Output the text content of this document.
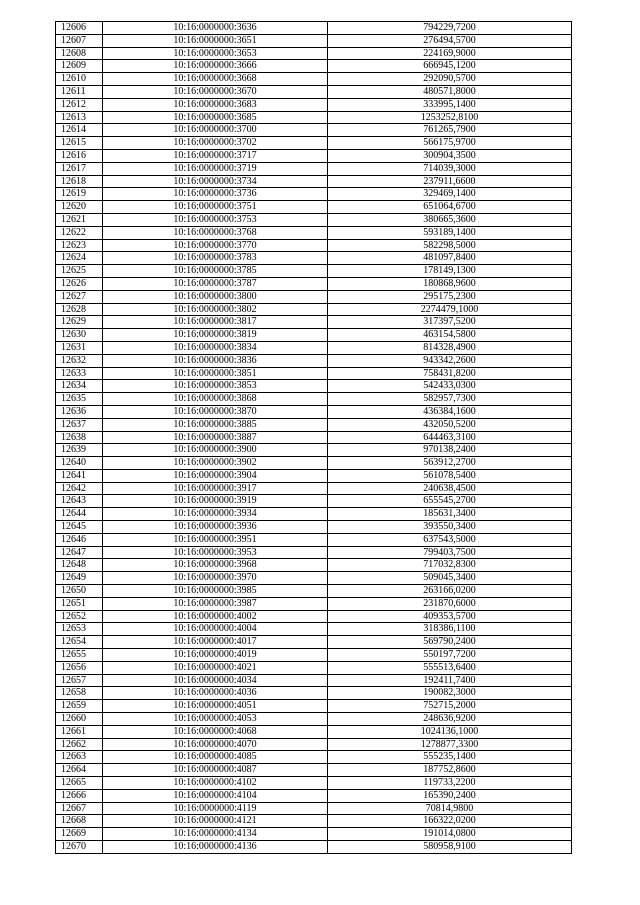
12606	10:16:0000000:3636	794229,7200
12607	10:16:0000000:3651	276494,5700
12608	10:16:0000000:3653	224169,9000
12609	10:16:0000000:3666	666945,1200
12610	10:16:0000000:3668	292090,5700
12611	10:16:0000000:3670	480571,8000
12612	10:16:0000000:3683	333995,1400
12613	10:16:0000000:3685	1253252,8100
12614	10:16:0000000:3700	761265,7900
12615	10:16:0000000:3702	566175,9700
12616	10:16:0000000:3717	300904,3500
12617	10:16:0000000:3719	714039,3000
12618	10:16:0000000:3734	237911,6600
12619	10:16:0000000:3736	329469,1400
12620	10:16:0000000:3751	651064,6700
12621	10:16:0000000:3753	380665,3600
12622	10:16:0000000:3768	593189,1400
12623	10:16:0000000:3770	582298,5000
12624	10:16:0000000:3783	481097,8400
12625	10:16:0000000:3785	178149,1300
12626	10:16:0000000:3787	180868,9600
12627	10:16:0000000:3800	295175,2300
12628	10:16:0000000:3802	2274479,1000
12629	10:16:0000000:3817	317397,5200
12630	10:16:0000000:3819	463154,5800
12631	10:16:0000000:3834	814328,4900
12632	10:16:0000000:3836	943342,2600
12633	10:16:0000000:3851	758431,8200
12634	10:16:0000000:3853	542433,0300
12635	10:16:0000000:3868	582957,7300
12636	10:16:0000000:3870	436384,1600
12637	10:16:0000000:3885	432050,5200
12638	10:16:0000000:3887	644463,3100
12639	10:16:0000000:3900	970138,2400
12640	10:16:0000000:3902	563912,2700
12641	10:16:0000000:3904	561078,5400
12642	10:16:0000000:3917	240638,4500
12643	10:16:0000000:3919	655545,2700
12644	10:16:0000000:3934	185631,3400
12645	10:16:0000000:3936	393550,3400
12646	10:16:0000000:3951	637543,5000
12647	10:16:0000000:3953	799403,7500
12648	10:16:0000000:3968	717032,8300
12649	10:16:0000000:3970	509045,3400
12650	10:16:0000000:3985	263166,0200
12651	10:16:0000000:3987	231870,6000
12652	10:16:0000000:4002	409353,5700
12653	10:16:0000000:4004	318386,1100
12654	10:16:0000000:4017	569790,2400
12655	10:16:0000000:4019	550197,7200
12656	10:16:0000000:4021	555513,6400
12657	10:16:0000000:4034	192411,7400
12658	10:16:0000000:4036	190082,3000
12659	10:16:0000000:4051	752715,2000
12660	10:16:0000000:4053	248636,9200
12661	10:16:0000000:4068	1024136,1000
12662	10:16:0000000:4070	1278877,3300
12663	10:16:0000000:4085	555235,1400
12664	10:16:0000000:4087	187752,8600
12665	10:16:0000000:4102	119733,2200
12666	10:16:0000000:4104	165390,2400
12667	10:16:0000000:4119	70814,9800
12668	10:16:0000000:4121	166322,0200
12669	10:16:0000000:4134	191014,0800
12670	10:16:0000000:4136	580958,9100
